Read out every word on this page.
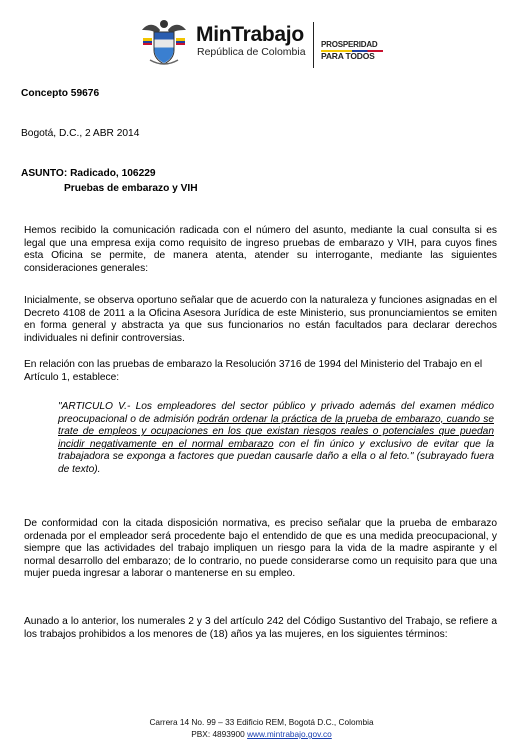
MinTrabajo
República de Colombia
PROSPERIDAD
PARA TODOS
Concepto 59676
Bogotá, D.C., 2 ABR 2014
ASUNTO: Radicado, 106229
Pruebas de embarazo y VIH
Hemos recibido la comunicación radicada con el número del asunto, mediante la cual consulta si es legal que una empresa exija como requisito de ingreso pruebas de embarazo y VIH, para cuyos fines esta Oficina se permite, de manera atenta, atender su interrogante, mediante las siguientes consideraciones generales:
Inicialmente, se observa oportuno señalar que de acuerdo con la naturaleza y funciones asignadas en el Decreto 4108 de 2011 a la Oficina Asesora Jurídica de este Ministerio, sus pronunciamientos se emiten en forma general y abstracta ya que sus funcionarios no están facultados para declarar derechos individuales ni definir controversias.
En relación con las pruebas de embarazo la Resolución 3716 de 1994 del Ministerio del Trabajo en el Artículo 1, establece:
"ARTICULO V.- Los empleadores del sector público y privado además del examen médico preocupacional o de admisión podrán ordenar la práctica de la prueba de embarazo, cuando se trate de empleos y ocupaciones en los que existan riesgos reales o potenciales que puedan incidir negativamente en el normal embarazo con el fin único y exclusivo de evitar que la trabajadora se exponga a factores que puedan causarle daño a ella o al feto." (subrayado fuera de texto).
De conformidad con la citada disposición normativa, es preciso señalar que la prueba de embarazo ordenada por el empleador será procedente bajo el entendido de que es una medida preocupacional, y siempre que las actividades del trabajo impliquen un riesgo para la vida de la madre aspirante y el normal desarrollo del embarazo; de lo contrario, no puede considerarse como un requisito para que una mujer pueda ingresar a laborar o mantenerse en su empleo.
Aunado a lo anterior, los numerales 2 y 3 del artículo 242 del Código Sustantivo del Trabajo, se refiere a los trabajos prohibidos a los menores de (18) años ya las mujeres, en los siguientes términos:
Carrera 14 No. 99 – 33 Edificio REM, Bogotá D.C., Colombia
PBX: 4893900 www.mintrabajo.gov.co
